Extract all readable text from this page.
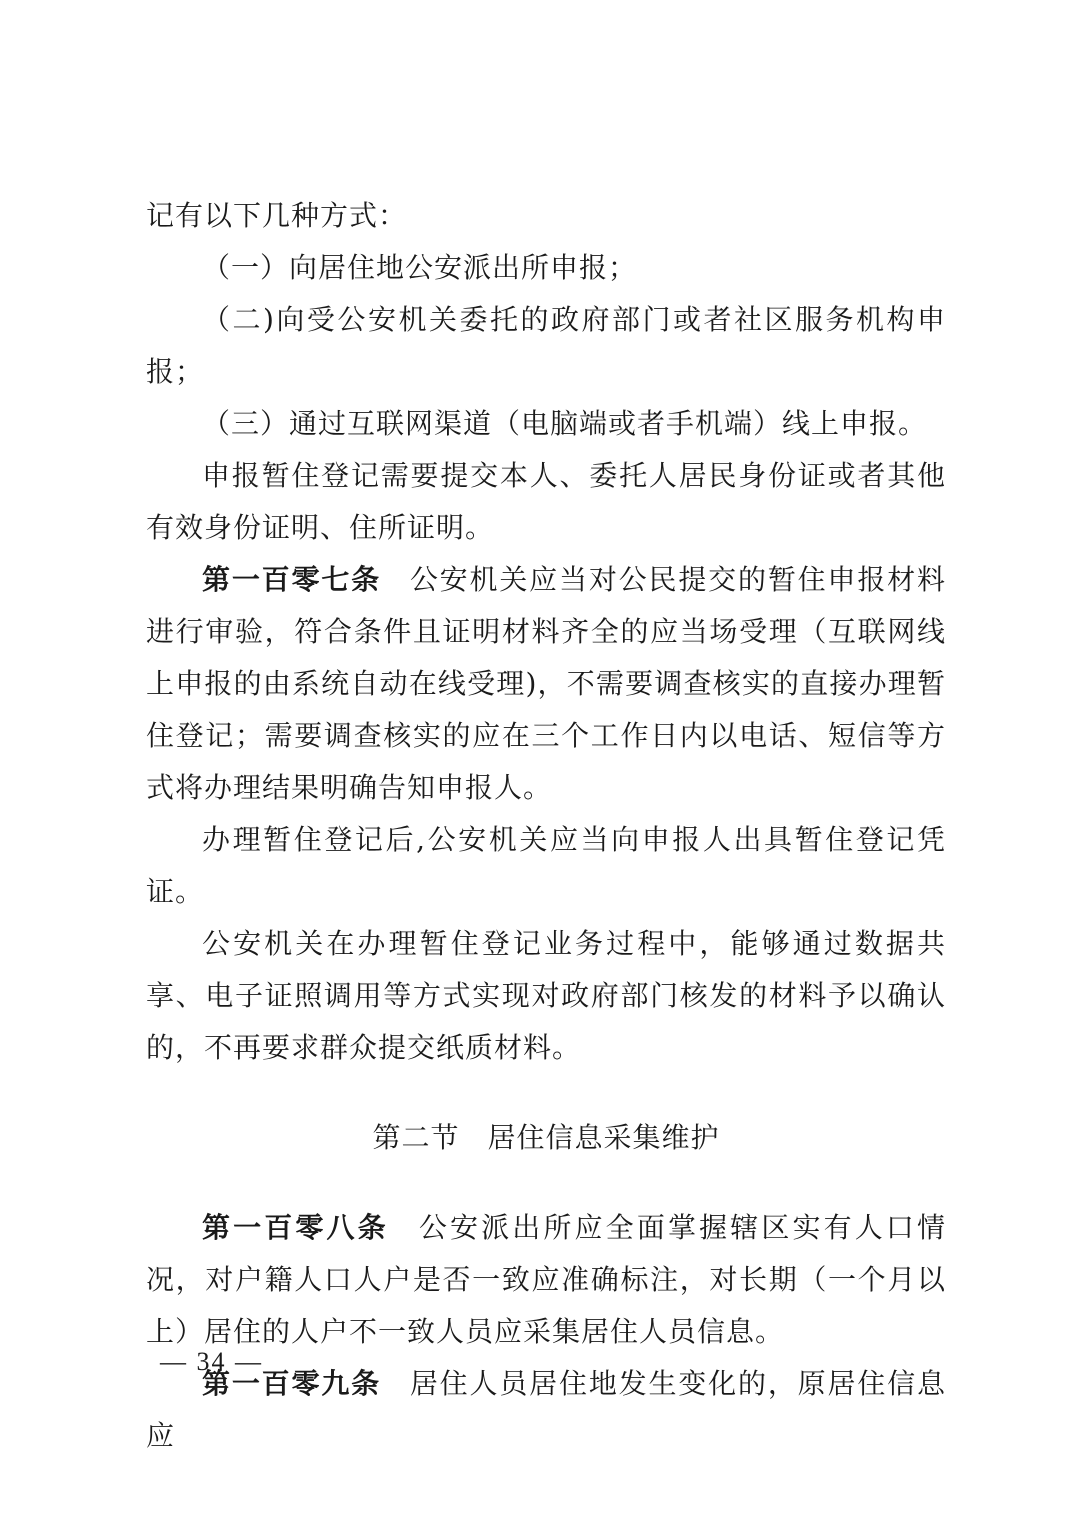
记有以下几种方式：

（一）向居住地公安派出所申报；

（二)向受公安机关委托的政府部门或者社区服务机构申报；

（三）通过互联网渠道（电脑端或者手机端）线上申报。

申报暂住登记需要提交本人、委托人居民身份证或者其他有效身份证明、住所证明。

第一百零七条 公安机关应当对公民提交的暂住申报材料进行审验，符合条件且证明材料齐全的应当场受理（互联网线上申报的由系统自动在线受理)，不需要调查核实的直接办理暂住登记；需要调查核实的应在三个工作日内以电话、短信等方式将办理结果明确告知申报人。

办理暂住登记后,公安机关应当向申报人出具暂住登记凭证。

公安机关在办理暂住登记业务过程中，能够通过数据共享、电子证照调用等方式实现对政府部门核发的材料予以确认的，不再要求群众提交纸质材料。

第二节 居住信息采集维护

第一百零八条 公安派出所应全面掌握辖区实有人口情况，对户籍人口人户是否一致应准确标注，对长期（一个月以上）居住的人户不一致人员应采集居住人员信息。

第一百零九条 居住人员居住地发生变化的，原居住信息应

— 34 —
